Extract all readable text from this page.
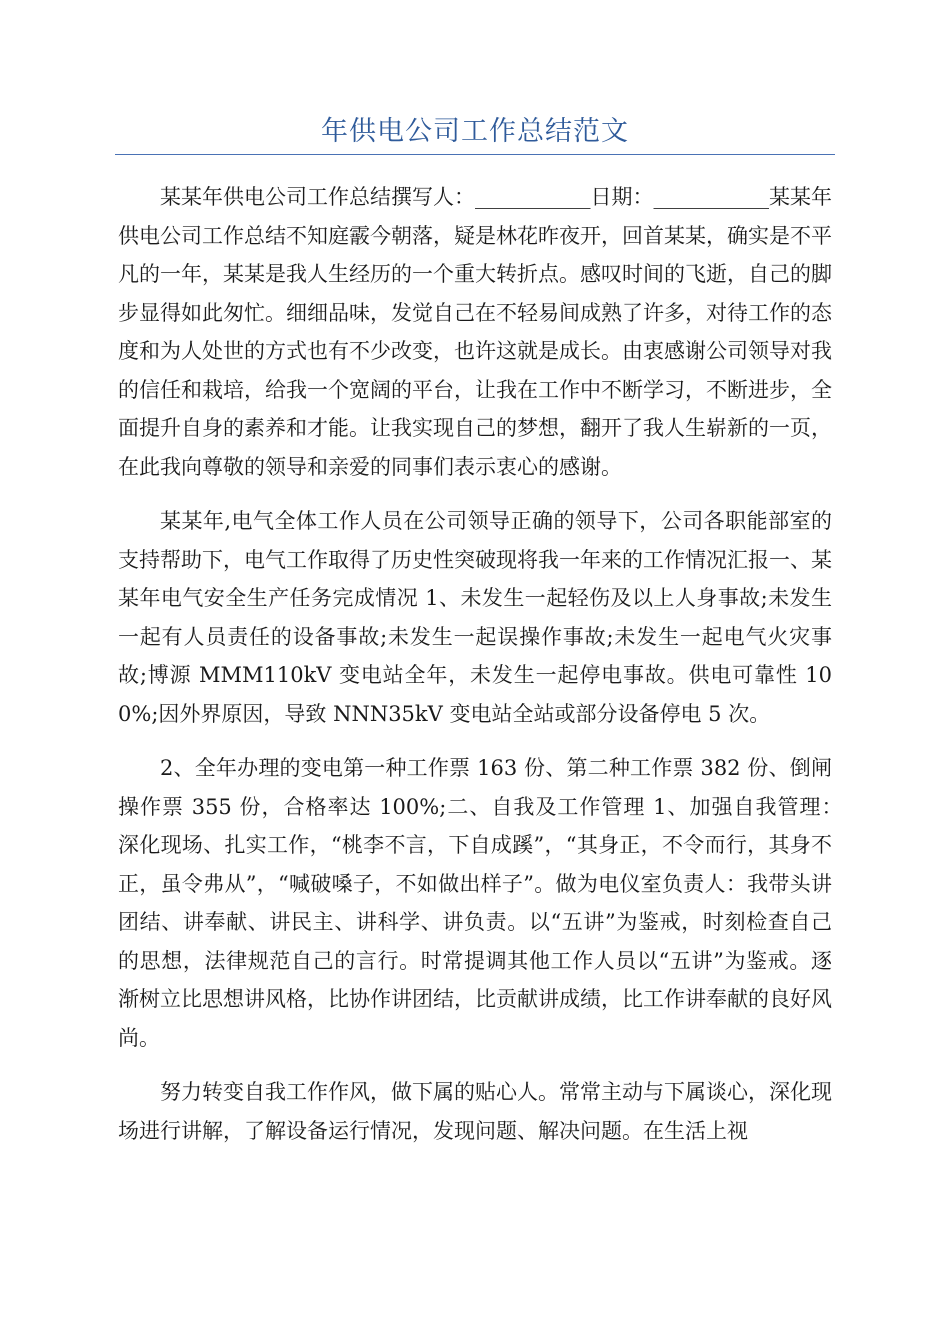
年供电公司工作总结范文

某某年供电公司工作总结撰写人：___________日期：___________某某年供电公司工作总结不知庭霰今朝落，疑是林花昨夜开，回首某某，确实是不平凡的一年，某某是我人生经历的一个重大转折点。感叹时间的飞逝，自己的脚步显得如此匆忙。细细品味，发觉自己在不轻易间成熟了许多，对待工作的态度和为人处世的方式也有不少改变，也许这就是成长。由衷感谢公司领导对我的信任和栽培，给我一个宽阔的平台，让我在工作中不断学习，不断进步，全面提升自身的素养和才能。让我实现自己的梦想，翻开了我人生崭新的一页，在此我向尊敬的领导和亲爱的同事们表示衷心的感谢。

某某年,电气全体工作人员在公司领导正确的领导下，公司各职能部室的支持帮助下，电气工作取得了历史性突破现将我一年来的工作情况汇报一、某某年电气安全生产任务完成情况 1、未发生一起轻伤及以上人身事故;未发生一起有人员责任的设备事故;未发生一起误操作事故;未发生一起电气火灾事故;博源 MMM110kV 变电站全年，未发生一起停电事故。供电可靠性 100%;因外界原因，导致 NNN35kV 变电站全站或部分设备停电 5 次。

2、全年办理的变电第一种工作票 163 份、第二种工作票 382 份、倒闸操作票 355 份，合格率达 100%;二、自我及工作管理 1、加强自我管理：　深化现场、扎实工作，“桃李不言，下自成蹊”，“其身正，不令而行，其身不正，虽令弗从”，“喊破嗓子，不如做出样子”。做为电仪室负责人：我带头讲团结、讲奉献、讲民主、讲科学、讲负责。以“五讲”为鉴戒，时刻检查自己的思想，法律规范自己的言行。时常提调其他工作人员以“五讲”为鉴戒。逐渐树立比思想讲风格，比协作讲团结，比贡献讲成绩，比工作讲奉献的良好风尚。

努力转变自我工作作风，做下属的贴心人。常常主动与下属谈心，深化现场进行讲解，了解设备运行情况，发现问题、解决问题。在生活上视
